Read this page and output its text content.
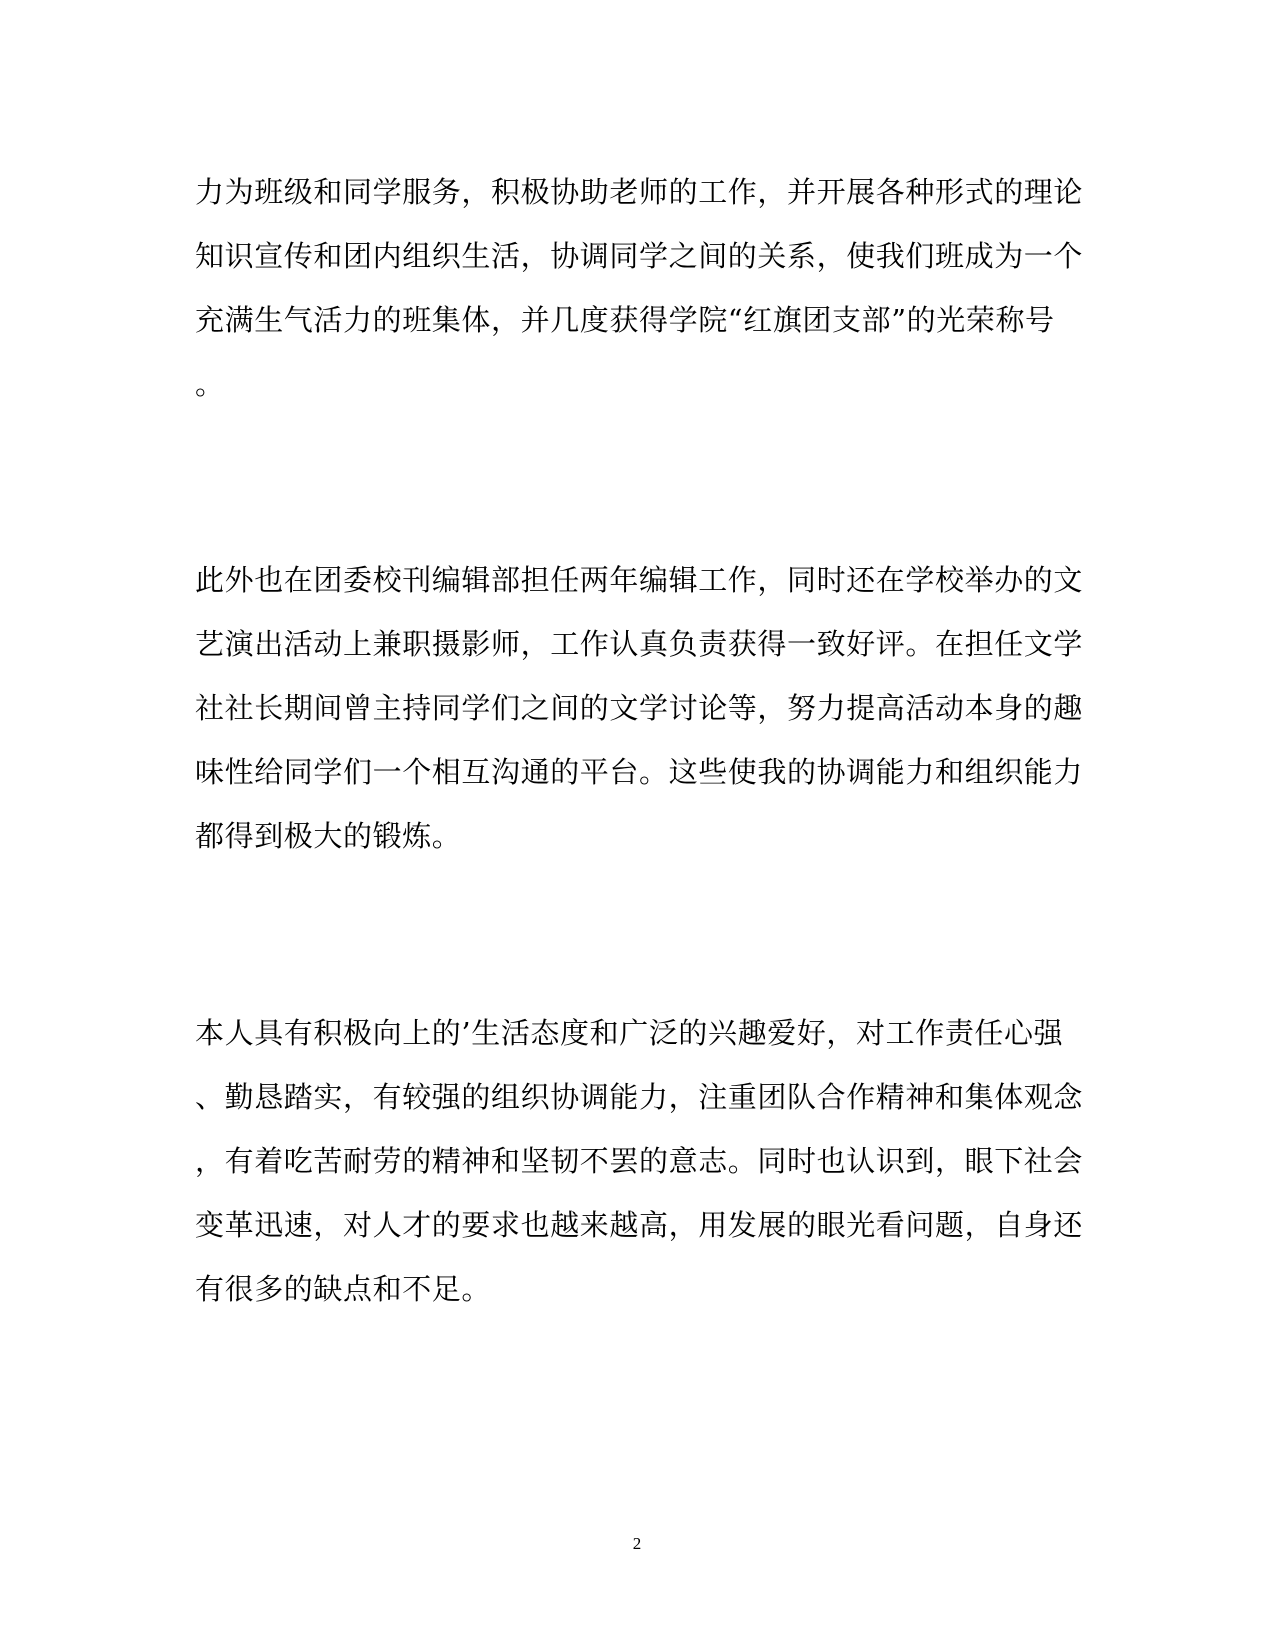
力为班级和同学服务，积极协助老师的工作，并开展各种形式的理论
知识宣传和团内组织生活，协调同学之间的关系，使我们班成为一个
充满生气活力的班集体，并几度获得学院“红旗团支部”的光荣称号
。
此外也在团委校刊编辑部担任两年编辑工作，同时还在学校举办的文
艺演出活动上兼职摄影师，工作认真负责获得一致好评。在担任文学
社社长期间曾主持同学们之间的文学讨论等，努力提高活动本身的趣
味性给同学们一个相互沟通的平台。这些使我的协调能力和组织能力
都得到极大的锻炼。
本人具有积极向上的’生活态度和广泛的兴趣爱好，对工作责任心强
、勤恳踏实，有较强的组织协调能力，注重团队合作精神和集体观念
，有着吃苦耐劳的精神和坚韧不罢的意志。同时也认识到，眼下社会
变革迅速，对人才的要求也越来越高，用发展的眼光看问题，自身还
有很多的缺点和不足。
2
